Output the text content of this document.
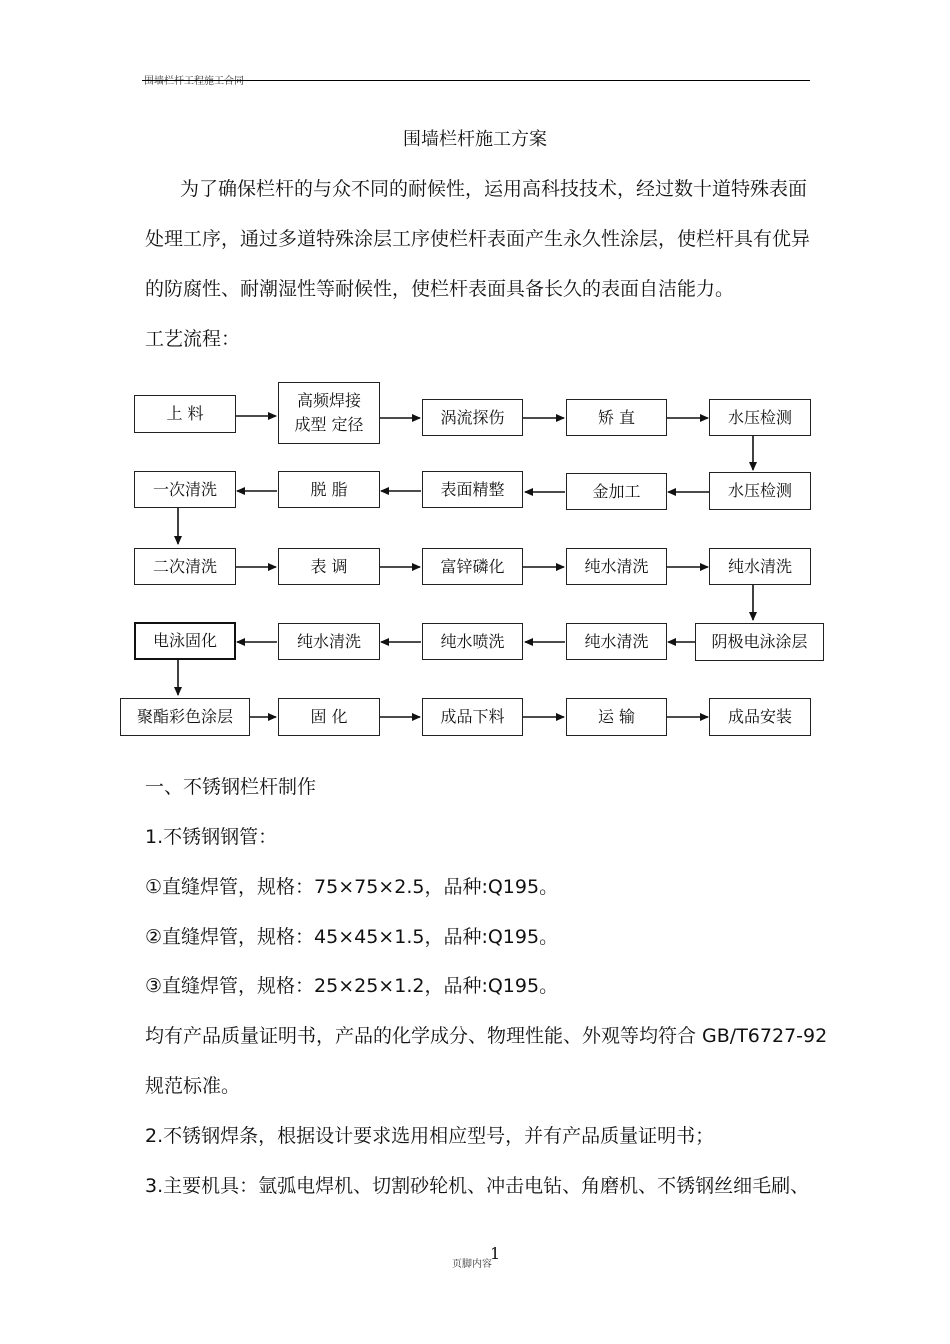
围墙栏杆工程施工合同
围墙栏杆施工方案
为了确保栏杆的与众不同的耐候性，运用高科技技术，经过数十道特殊表面
处理工序，通过多道特殊涂层工序使栏杆表面产生永久性涂层，使栏杆具有优异
的防腐性、耐潮湿性等耐候性，使栏杆表面具备长久的表面自洁能力。
工艺流程：
上 料
高频焊接
成型 定径	涡流探伤	矫 直	水压检测
水压检测
金加工
表面精整
脱 脂
一次清洗
二次清洗	表 调	富锌磷化	纯水清洗	纯水清洗
阴极电泳涂层
纯水清洗
纯水喷洗
纯水清洗
电泳固化
聚酯彩色涂层	固 化	成品下料	运 输	成品安装
一、不锈钢栏杆制作
1.不锈钢钢管：
①直缝焊管，规格：75×75×2.5，品种:Q195。
②直缝焊管，规格：45×45×1.5，品种:Q195。
③直缝焊管，规格：25×25×1.2，品种:Q195。
均有产品质量证明书，产品的化学成分、物理性能、外观等均符合 GB/T6727-92
规范标准。
2.不锈钢焊条，根据设计要求选用相应型号，并有产品质量证明书；
3.主要机具：氩弧电焊机、切割砂轮机、冲击电钻、角磨机、不锈钢丝细毛刷、
页脚内容
1
